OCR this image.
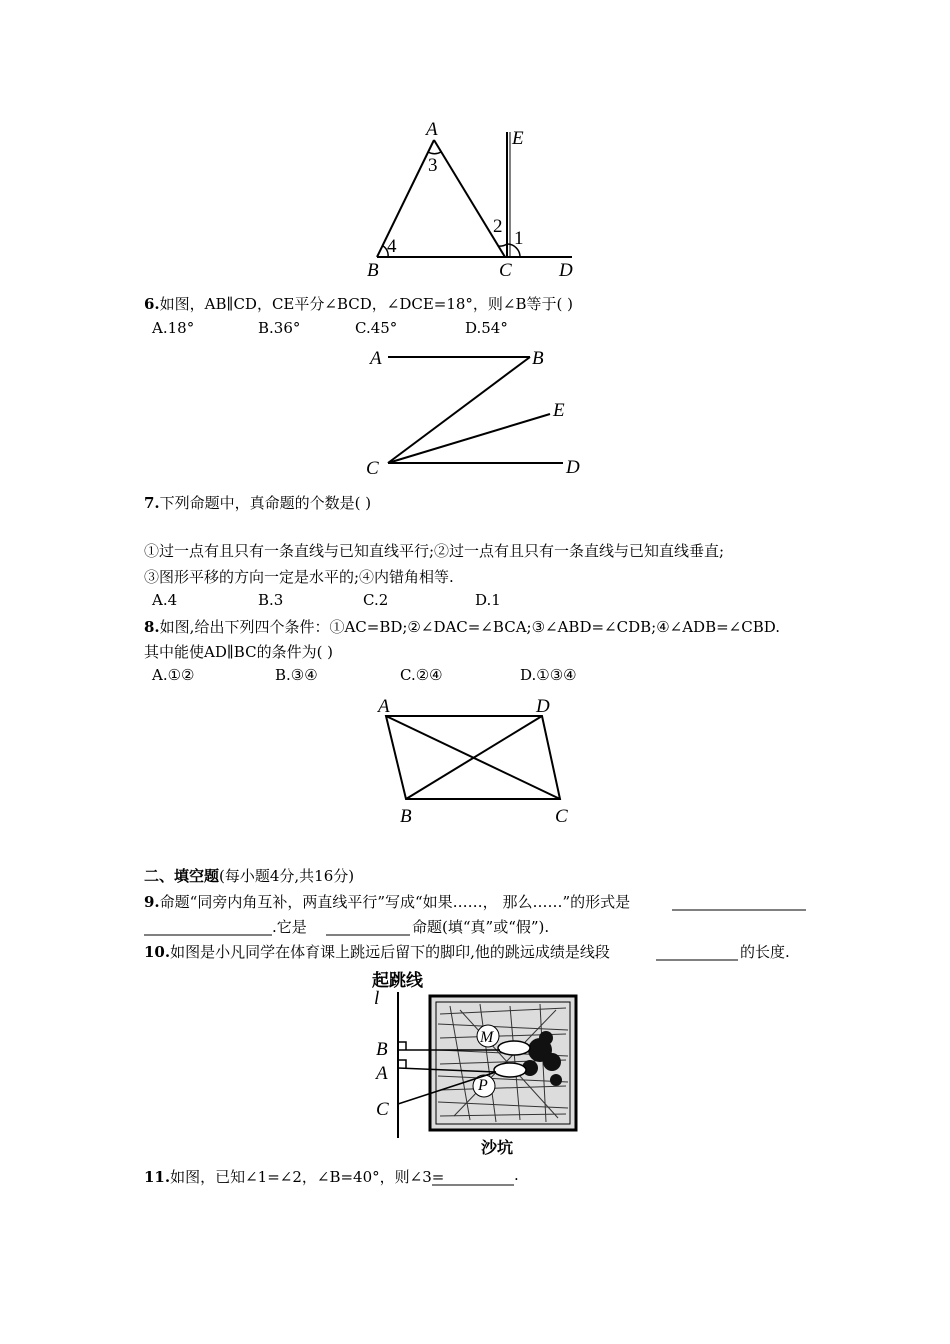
A	E
3
2
1
4
B	C D
6.如图，AB∥CD，CE平分∠BCD，∠DCE=18°，则∠B等于( )
A.18°	B.36°	C.45°	D.54°
A	B
E
C	D
7.下列命题中，真命题的个数是( )
①过一点有且只有一条直线与已知直线平行;②过一点有且只有一条直线与已知直线垂直;
③图形平移的方向一定是水平的;④内错角相等.
A.4	B.3	C.2	D.1
8.如图,给出下列四个条件：①AC=BD;②∠DAC=∠BCA;③∠ABD=∠CDB;④∠ADB=∠CBD.
其中能使AD∥BC的条件为( )
A.①②	B.③④	C.②④	D.①③④
A	D
B	C
二、填空题(每小题4分,共16分)
9.命题“同旁内角互补，两直线平行”写成“如果……， 那么……”的形式是
.它是	命题(填“真”或“假”).
10.如图是小凡同学在体育课上跳远后留下的脚印,他的跳远成绩是线段	的长度.
起跳线
l
M
P
B
A
C
沙坑
11.如图，已知∠1=∠2，∠B=40°，则∠3=	.
